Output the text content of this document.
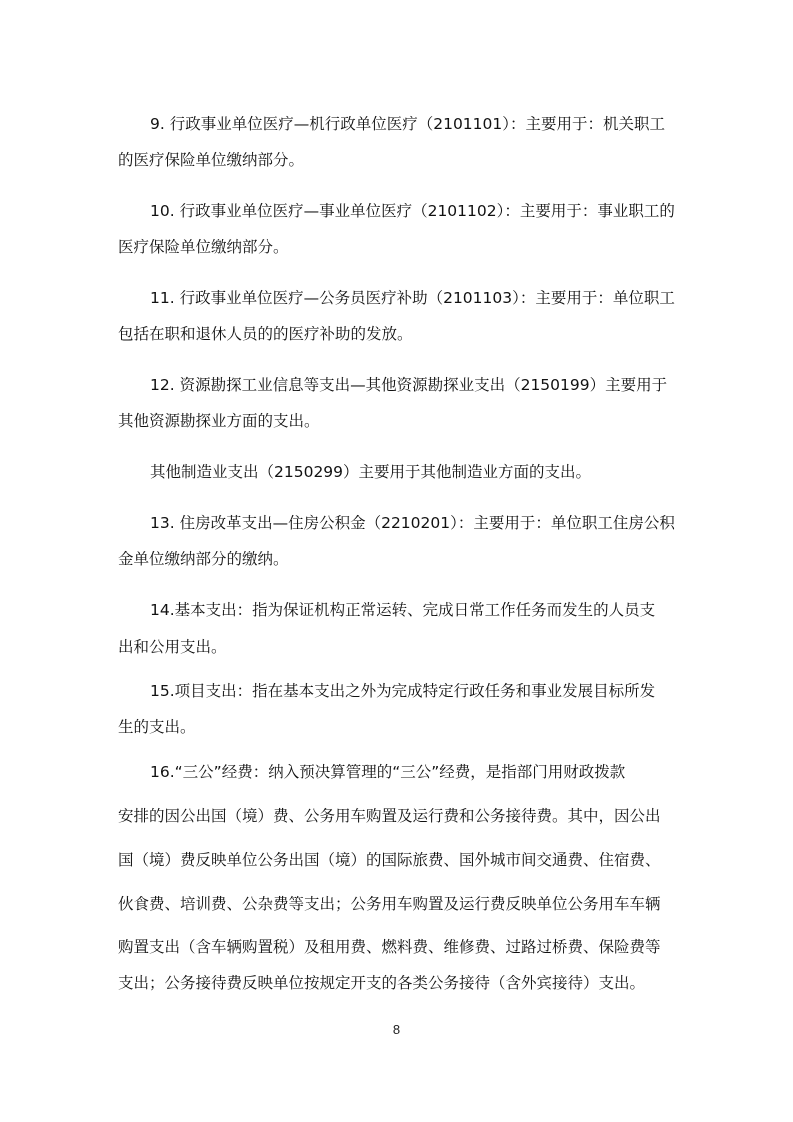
9. 行政事业单位医疗—机行政单位医疗（2101101）：主要用于：机关职工
的医疗保险单位缴纳部分。
10. 行政事业单位医疗—事业单位医疗（2101102）：主要用于：事业职工的
医疗保险单位缴纳部分。
11. 行政事业单位医疗—公务员医疗补助（2101103）：主要用于：单位职工
包括在职和退休人员的的医疗补助的发放。
12. 资源勘探工业信息等支出—其他资源勘探业支出（2150199）主要用于
其他资源勘探业方面的支出。
其他制造业支出（2150299）主要用于其他制造业方面的支出。
13. 住房改革支出—住房公积金（2210201）：主要用于：单位职工住房公积
金单位缴纳部分的缴纳。
14.基本支出：指为保证机构正常运转、完成日常工作任务而发生的人员支
出和公用支出。
15.项目支出：指在基本支出之外为完成特定行政任务和事业发展目标所发
生的支出。
16.“三公”经费：纳入预决算管理的“三公”经费，是指部门用财政拨款
安排的因公出国（境）费、公务用车购置及运行费和公务接待费。其中，因公出
国（境）费反映单位公务出国（境）的国际旅费、国外城市间交通费、住宿费、
伙食费、培训费、公杂费等支出；公务用车购置及运行费反映单位公务用车车辆
购置支出（含车辆购置税）及租用费、燃料费、维修费、过路过桥费、保险费等
支出；公务接待费反映单位按规定开支的各类公务接待（含外宾接待）支出。
8
